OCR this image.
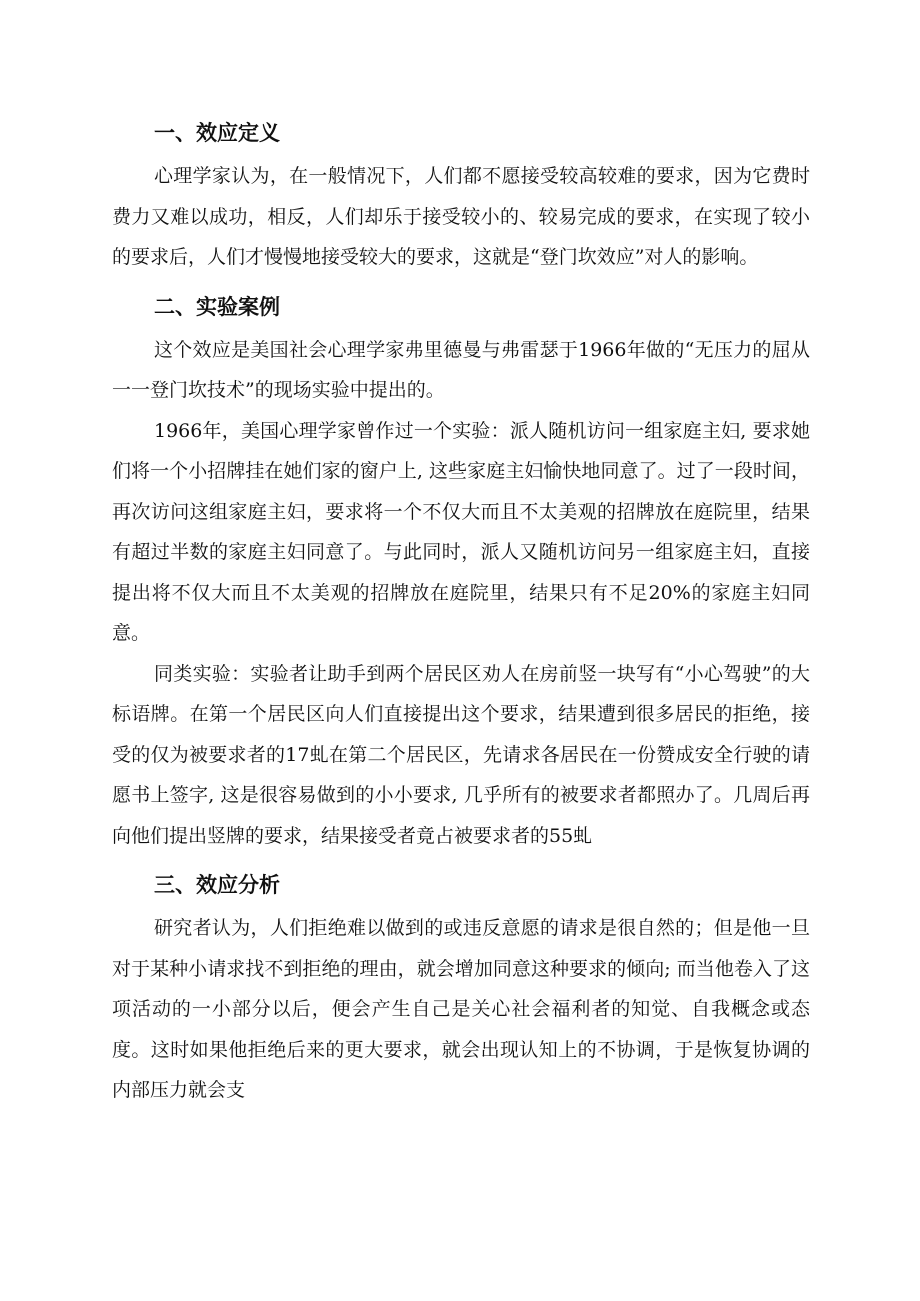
一、效应定义

心理学家认为，在一般情况下，人们都不愿接受较高较难的要求，因为它费时费力又难以成功，相反，人们却乐于接受较小的、较易完成的要求，在实现了较小的要求后，人们才慢慢地接受较大的要求，这就是“登门坎效应”对人的影响。

二、实验案例

这个效应是美国社会心理学家弗里德曼与弗雷瑟于1966年做的“无压力的屈从一一登门坎技术”的现场实验中提出的。

1966年，美国心理学家曾作过一个实验：派人随机访问一组家庭主妇, 要求她们将一个小招牌挂在她们家的窗户上, 这些家庭主妇愉快地同意了。过了一段时间，再次访问这组家庭主妇，要求将一个不仅大而且不太美观的招牌放在庭院里，结果有超过半数的家庭主妇同意了。与此同时，派人又随机访问另一组家庭主妇，直接提出将不仅大而且不太美观的招牌放在庭院里，结果只有不足20%的家庭主妇同意。

同类实验：实验者让助手到两个居民区劝人在房前竖一块写有“小心驾驶”的大标语牌。在第一个居民区向人们直接提出这个要求，结果遭到很多居民的拒绝，接受的仅为被要求者的17虬在第二个居民区，先请求各居民在一份赞成安全行驶的请愿书上签字, 这是很容易做到的小小要求, 几乎所有的被要求者都照办了。几周后再向他们提出竖牌的要求，结果接受者竟占被要求者的55虬

三、效应分析

研究者认为，人们拒绝难以做到的或违反意愿的请求是很自然的；但是他一旦对于某种小请求找不到拒绝的理由，就会增加同意这种要求的倾向; 而当他卷入了这项活动的一小部分以后，便会产生自己是关心社会福利者的知觉、自我概念或态度。这时如果他拒绝后来的更大要求，就会出现认知上的不协调，于是恢复协调的内部压力就会支
